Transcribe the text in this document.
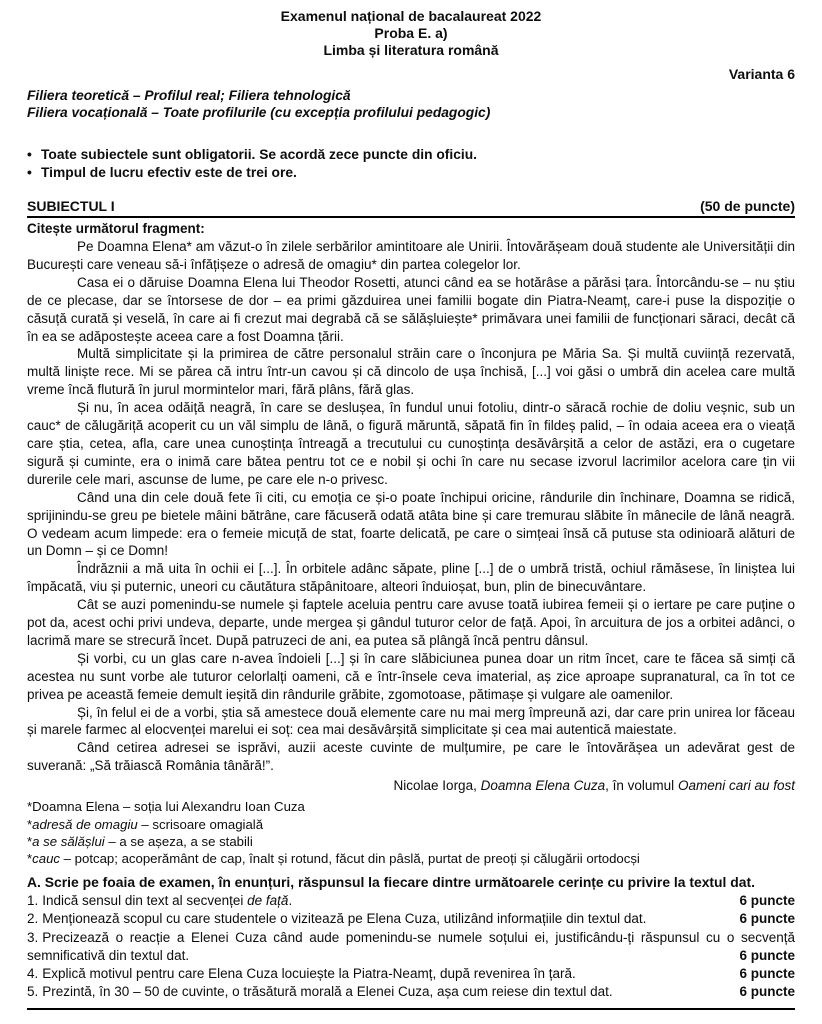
Examenul național de bacalaureat 2022
Proba E. a)
Limba și literatura română
Varianta 6
Filiera teoretică – Profilul real; Filiera tehnologică
Filiera vocațională – Toate profilurile (cu excepția profilului pedagogic)
• Toate subiectele sunt obligatorii. Se acordă zece puncte din oficiu.
• Timpul de lucru efectiv este de trei ore.
SUBIECTUL I	(50 de puncte)
Citește următorul fragment:

Pe Doamna Elena* am văzut-o în zilele serbărilor amintitoare ale Unirii. Întovărășeam două studente ale Universității din București care veneau să-i înfățișeze o adresă de omagiu* din partea colegelor lor.

Casa ei o dăruise Doamna Elena lui Theodor Rosetti, atunci când ea se hotărâse a părăsi țara. Întorcându-se – nu știu de ce plecase, dar se întorsese de dor – ea primi găzduirea unei familii bogate din Piatra-Neamț, care-i puse la dispoziție o căsuță curată și veselă, în care ai fi crezut mai degrabă că se sălășluiește* primăvara unei familii de funcționari săraci, decât că în ea se adăpostește aceea care a fost Doamna țării.

Multă simplicitate și la primirea de către personalul străin care o înconjura pe Măria Sa. Și multă cuviință rezervată, multă liniște rece. Mi se părea că intru într-un cavou și că dincolo de ușa închisă, [...] voi găsi o umbră din acelea care multă vreme încă flutură în jurul mormintelor mari, fără plâns, fără glas.

Și nu, în acea odăiță neagră, în care se deslușea, în fundul unui fotoliu, dintr-o săracă rochie de doliu veșnic, sub un cauc* de călugăriță acoperit cu un văl simplu de lână, o figură măruntă, săpată fin în fildeș palid, – în odaia aceea era o vieață care știa, cetea, afla, care unea cunoștința întreagă a trecutului cu cunoștința desăvârșită a celor de astăzi, era o cugetare sigură și cuminte, era o inimă care bătea pentru tot ce e nobil și ochi în care nu secase izvorul lacrimilor acelora care țin vii durerile cele mari, ascunse de lume, pe care ele n-o privesc.

Când una din cele două fete îi citi, cu emoția ce și-o poate închipui oricine, rândurile din închinare, Doamna se ridică, sprijinindu-se greu pe bietele mâini bătrâne, care făcuseră odată atâta bine și care tremurau slăbite în mânecile de lână neagră. O vedeam acum limpede: era o femeie micuță de stat, foarte delicată, pe care o simțeai însă că putuse sta odinioară alături de un Domn – și ce Domn!

Îndrăznii a mă uita în ochii ei [...]. În orbitele adânc săpate, pline [...] de o umbră tristă, ochiul rămăsese, în liniștea lui împăcată, viu și puternic, uneori cu căutătura stăpânitoare, alteori înduioșat, bun, plin de binecuvântare.

Cât se auzi pomenindu-se numele și faptele aceluia pentru care avuse toată iubirea femeii și o iertare pe care puține o pot da, acest ochi privi undeva, departe, unde mergea și gândul tuturor celor de față. Apoi, în arcuitura de jos a orbitei adânci, o lacrimă mare se strecură încet. După patruzeci de ani, ea putea să plângă încă pentru dânsul.

Și vorbi, cu un glas care n-avea îndoieli [...] și în care slăbiciunea punea doar un ritm încet, care te făcea să simți că acestea nu sunt vorbe ale tuturor celorlalți oameni, că e într-însele ceva imaterial, aș zice aproape supranatural, ca în tot ce privea pe această femeie demult ieșită din rândurile grăbite, zgomotoase, pătimașe și vulgare ale oamenilor.

Și, în felul ei de a vorbi, știa să amestece două elemente care nu mai merg împreună azi, dar care prin unirea lor făceau și marele farmec al elocvenței marelui ei soț: cea mai desăvârșită simplicitate și cea mai autentică maiestate.

Când cetirea adresei se isprăvi, auzii aceste cuvinte de mulțumire, pe care le întovărășea un adevărat gest de suverană: „Să trăiască România tânără!”.

Nicolae Iorga, Doamna Elena Cuza, în volumul Oameni cari au fost
*Doamna Elena – soția lui Alexandru Ioan Cuza
*adresă de omagiu – scrisoare omagială
*a se sălășlui – a se așeza, a se stabili
*cauc – potcap; acoperământ de cap, înalt și rotund, făcut din pâslă, purtat de preoți și călugării ortodocși
A. Scrie pe foaia de examen, în enunțuri, răspunsul la fiecare dintre următoarele cerințe cu privire la textul dat.
1. Indică sensul din text al secvenței de față.	6 puncte
2. Menționează scopul cu care studentele o vizitează pe Elena Cuza, utilizând informațiile din textul dat.	6 puncte
3. Precizează o reacție a Elenei Cuza când aude pomenindu-se numele soțului ei, justificându-ți răspunsul cu o secvență semnificativă din textul dat.	6 puncte
4. Explică motivul pentru care Elena Cuza locuiește la Piatra-Neamț, după revenirea în țară.	6 puncte
5. Prezintă, în 30 – 50 de cuvinte, o trăsătură morală a Elenei Cuza, așa cum reiese din textul dat.	6 puncte
